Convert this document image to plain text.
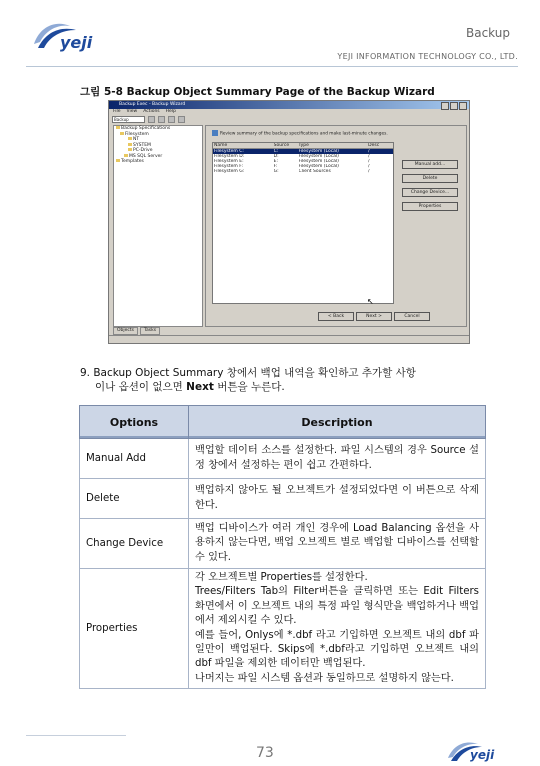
Backup
yeji
YEJI INFORMATION TECHNOLOGY CO., LTD.
그림 5-8 Backup Object Summary Page of the Backup Wizard
Backup Exec - Backup Wizard
File View Actions Help
Backup
Backup Specifications
Filesystem
NT
SYSTEM
PC-Drive
MS SQL Server
Templates
Objects	Tasks
Review summary of the backup specifications and make last-minute changes.
Name	Source	Type	Desc
Filesystem C:	C:	Filesystem (Local)	/
Filesystem D:	D:	Filesystem (Local)	/
Filesystem E:	E:	Filesystem (Local)	/
Filesystem F:	F:	Filesystem (Local)	/
Filesystem G:	G:	Client Sources	/
Manual add...
Delete
Change Device...
Properties
< Back	Next >	Cancel
↖
9. Backup Object Summary 창에서 백업 내역을 확인하고 추가할 사항
이나 옵션이 없으면 Next 버튼을 누른다.
Options	Description
Manual Add	백업할 데이터 소스를 설정한다. 파일 시스템의 경우 Source 설정 창에서 설정하는 편이 쉽고 간편하다.
Delete	백업하지 않아도 될 오브젝트가 설정되었다면 이 버튼으로 삭제한다.
Change Device	백업 디바이스가 여러 개인 경우에 Load Balancing 옵션을 사용하지 않는다면, 백업 오브젝트 별로 백업할 디바이스를 선택할 수 있다.
Properties	각 오브젝트별 Properties를 설정한다.
Trees/Filters Tab의 Filter버튼을 클릭하면 또는 Edit Filters 화면에서 이 오브젝트 내의 특정 파일 형식만을 백업하거나 백업에서 제외시킬 수 있다.
예를 들어, Onlys에 *.dbf 라고 기입하면 오브젝트 내의 dbf 파일만이 백업된다. Skips에 *.dbf라고 기입하면 오브젝트 내의 dbf 파일을 제외한 데이터만 백업된다.
나머지는 파일 시스템 옵션과 동일하므로 설명하지 않는다.
73	yeji
